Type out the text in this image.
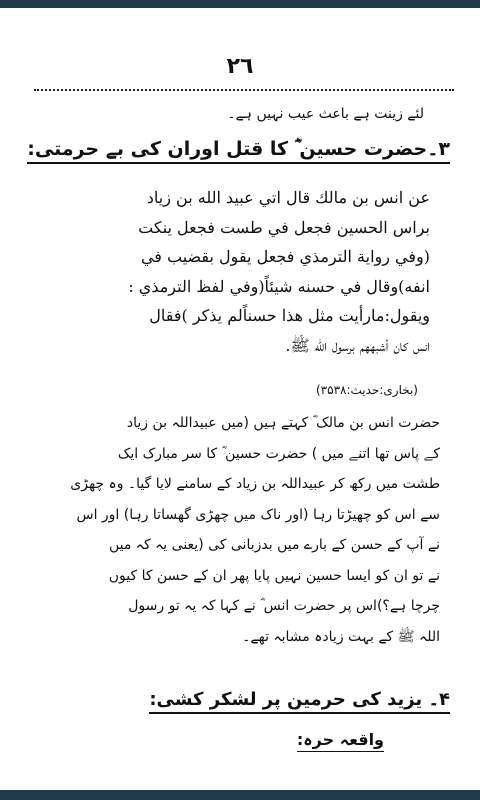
٢٦
لئے زینت ہے باعث عیب نہیں ہے۔
۳۔حضرت حسین ؓ کا قتل اوران کی بے حرمتی:

عن انس بن مالك قال اتي عبيد الله بن زياد

براس الحسين فجعل في طست فجعل ينكت

(وفي رواية الترمذي فجعل يقول بقضيب في

انفه)وقال في حسنه شيئاً(وفي لفظ الترمذي :

ويقول:مارأيت مثل هذا حسناًلم يذكر )فقال

انس كان أشبههم برسول الله ﷺ.

(بخاری:حدیث:۳۵۳۸)

حضرت انس بن مالک ؓ کہتے ہیں (میں عبیداللہ بن زیاد

کے پاس تھا اتنے میں ) حضرت حسین ؓ کا سر مبارک ایک

طشت میں رکھ کر عبیداللہ بن زیاد کے سامنے لایا گیا۔ وہ چھڑی

سے اس کو چھیڑتا رہا (اور ناک میں چھڑی گھساتا رہا) اور اس

نے آپ کے حسن کے بارے میں بدزبانی کی (یعنی یہ کہ میں

نے تو ان کو ایسا حسین نہیں پایا پھر ان کے حسن کا کیوں

چرچا ہے؟)اس پر حضرت انس ؓ نے کہا کہ یہ تو رسول

اللہ ﷺ کے بہت زیادہ مشابہ تھے۔

۴۔ یزید کی حرمین پر لشکر کشی:
واقعہ حرہ:
